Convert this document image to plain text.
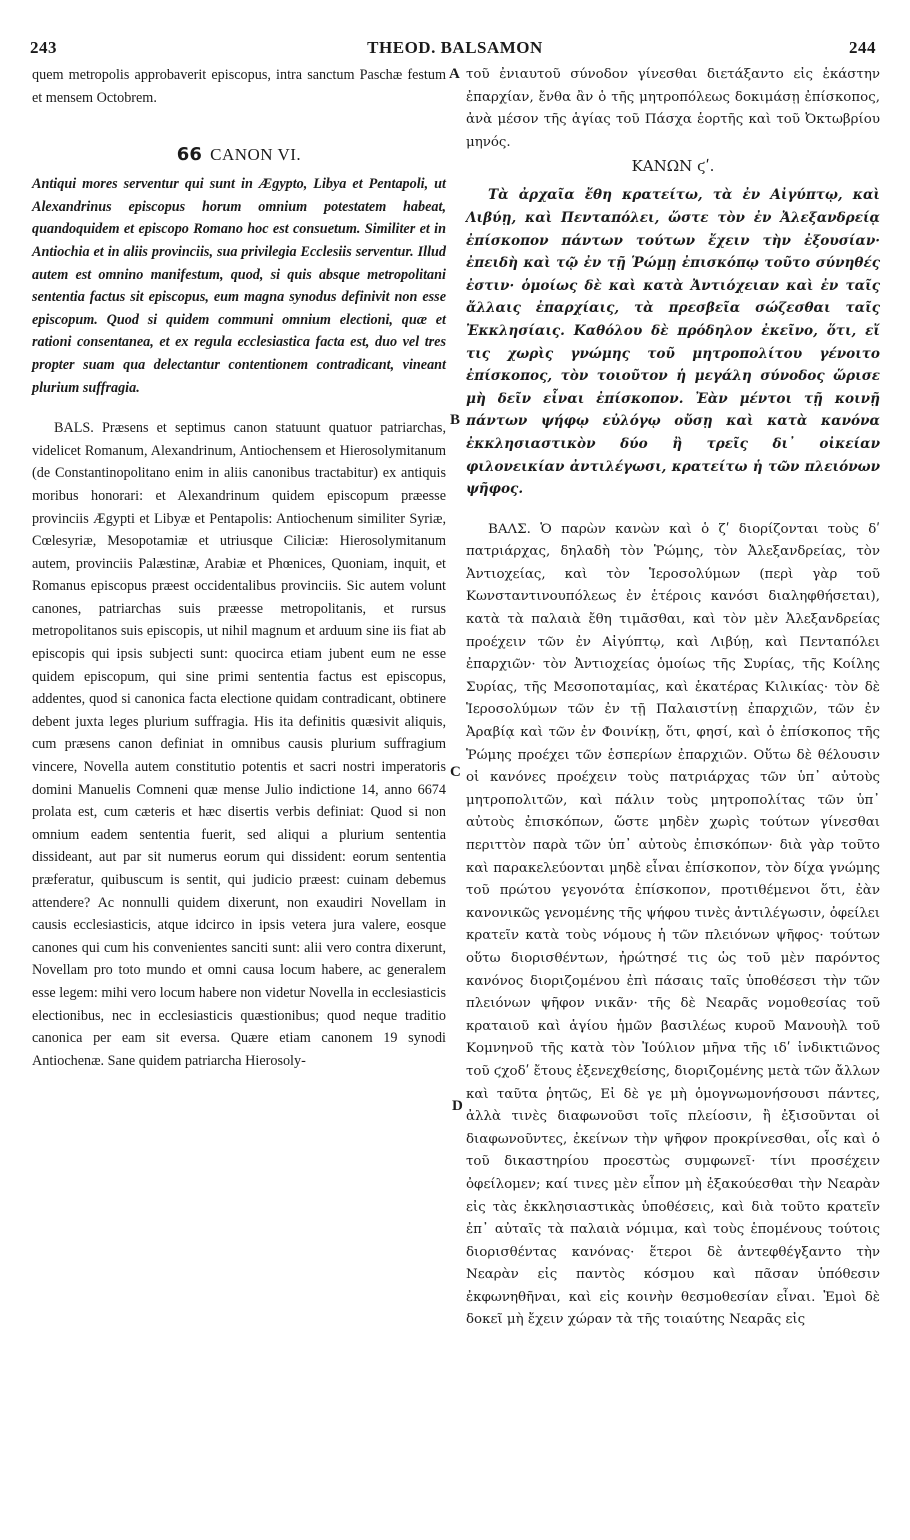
243	THEOD. BALSAMON	244
A
B
C
D

quem metropolis approbaverit episcopus, intra sanctum Paschæ festum et mensem Octobrem.

66 CANON VI.

Antiqui mores serventur qui sunt in Ægypto, Libya et Pentapoli, ut Alexandrinus episcopus horum omnium potestatem habeat, quandoquidem et episcopo Romano hoc est consuetum. Similiter et in Antiochia et in aliis provinciis, sua privilegia Ecclesiis serventur. Illud autem est omnino manifestum, quod, si quis absque metropolitani sententia factus sit episcopus, eum magna synodus definivit non esse episcopum. Quod si quidem communi omnium electioni, quæ et rationi consentanea, et ex regula ecclesiastica facta est, duo vel tres propter suam qua delectantur contentionem contradicant, vineant plurium suffragia.

BALS. Præsens et septimus canon statuunt quatuor patriarchas, videlicet Romanum, Alexandrinum, Antiochensem et Hierosolymitanum (de Constantinopolitano enim in aliis canonibus tractabitur) ex antiquis moribus honorari: et Alexandrinum quidem episcopum præesse provinciis Ægypti et Libyæ et Pentapolis: Antiochenum similiter Syriæ, Cœlesyriæ, Mesopotamiæ et utriusque Ciliciæ: Hierosolymitanum autem, provinciis Palæstinæ, Arabiæ et Phœnices, Quoniam, inquit, et Romanus episcopus præest occidentalibus provinciis. Sic autem volunt canones, patriarchas suis præesse metropolitanis, et rursus metropolitanos suis episcopis, ut nihil magnum et arduum sine iis fiat ab episcopis qui ipsis subjecti sunt: quocirca etiam jubent eum ne esse quidem episcopum, qui sine primi sententia factus est episcopus, addentes, quod si canonica facta electione quidam contradicant, obtinere debent juxta leges plurium suffragia. His ita definitis quæsivit aliquis, cum præsens canon definiat in omnibus causis plurium suffragium vincere, Novella autem constitutio potentis et sacri nostri imperatoris domini Manuelis Comneni quæ mense Julio indictione 14, anno 6674 prolata est, cum cæteris et hæc disertis verbis definiat: Quod si non omnium eadem sententia fuerit, sed aliqui a plurium sententia dissideant, aut par sit numerus eorum qui dissident: eorum sententia præferatur, quibuscum is sentit, qui judicio præest: cuinam debemus attendere? Ac nonnulli quidem dixerunt, non exaudiri Novellam in causis ecclesiasticis, atque idcirco in ipsis vetera jura valere, eosque canones qui cum his convenientes sanciti sunt: alii vero contra dixerunt, Novellam pro toto mundo et omni causa locum habere, ac generalem esse legem: mihi vero locum habere non videtur Novella in ecclesiasticis electionibus, nec in ecclesiasticis quæstionibus; quod neque traditio canonica per eam sit eversa. Quære etiam canonem 19 synodi Antiochenæ. Sane quidem patriarcha Hierosoly-

τοῦ ἐνιαυτοῦ σύνοδον γίνεσθαι διετάξαντο εἰς ἑκάστην ἐπαρχίαν, ἔνθα ἂν ὁ τῆς μητροπόλεως δοκιμάσῃ ἐπίσκοπος, ἀνὰ μέσον τῆς ἁγίας τοῦ Πάσχα ἑορτῆς καὶ τοῦ Ὀκτωβρίου μηνός.

ΚΑΝΩΝ ϛʹ.

Τὰ ἀρχαῖα ἔθη κρατείτω, τὰ ἐν Αἰγύπτῳ, καὶ Λιβύῃ, καὶ Πενταπόλει, ὥστε τὸν ἐν Ἀλεξανδρείᾳ ἐπίσκοπον πάντων τούτων ἔχειν τὴν ἐξουσίαν· ἐπειδὴ καὶ τῷ ἐν τῇ Ῥώμῃ ἐπισκόπῳ τοῦτο σύνηθές ἐστιν· ὁμοίως δὲ καὶ κατὰ Ἀντιόχειαν καὶ ἐν ταῖς ἄλλαις ἐπαρχίαις, τὰ πρεσβεῖα σώζεσθαι ταῖς Ἐκκλησίαις. Καθόλου δὲ πρόδηλον ἐκεῖνο, ὅτι, εἴ τις χωρὶς γνώμης τοῦ μητροπολίτου γένοιτο ἐπίσκοπος, τὸν τοιοῦτον ἡ μεγάλη σύνοδος ὥρισε μὴ δεῖν εἶναι ἐπίσκοπον. Ἐὰν μέντοι τῇ κοινῇ πάντων ψήφῳ εὐλόγῳ οὔσῃ καὶ κατὰ κανόνα ἐκκλησιαστικὸν δύο ἢ τρεῖς δι᾽ οἰκείαν φιλονεικίαν ἀντιλέγωσι, κρατείτω ἡ τῶν πλειόνων ψῆφος.

ΒΑΛΣ. Ὁ παρὼν κανὼν καὶ ὁ ζʹ διορίζονται τοὺς δʹ πατριάρχας, δηλαδὴ τὸν Ῥώμης, τὸν Ἀλεξανδρείας, τὸν Ἀντιοχείας, καὶ τὸν Ἱεροσολύμων (περὶ γὰρ τοῦ Κωνσταντινουπόλεως ἐν ἑτέροις κανόσι διαληφθήσεται), κατὰ τὰ παλαιὰ ἔθη τιμᾶσθαι, καὶ τὸν μὲν Ἀλεξανδρείας προέχειν τῶν ἐν Αἰγύπτῳ, καὶ Λιβύῃ, καὶ Πενταπόλει ἐπαρχιῶν· τὸν Ἀντιοχείας ὁμοίως τῆς Συρίας, τῆς Κοίλης Συρίας, τῆς Μεσοποταμίας, καὶ ἑκατέρας Κιλικίας· τὸν δὲ Ἱεροσολύμων τῶν ἐν τῇ Παλαιστίνῃ ἐπαρχιῶν, τῶν ἐν Ἀραβίᾳ καὶ τῶν ἐν Φοινίκῃ, ὅτι, φησί, καὶ ὁ ἐπίσκοπος τῆς Ῥώμης προέχει τῶν ἑσπερίων ἐπαρχιῶν. Οὕτω δὲ θέλουσιν οἱ κανόνες προέχειν τοὺς πατριάρχας τῶν ὑπ᾽ αὐτοὺς μητροπολιτῶν, καὶ πάλιν τοὺς μητροπολίτας τῶν ὑπ᾽ αὐτοὺς ἐπισκόπων, ὥστε μηδὲν χωρὶς τούτων γίνεσθαι περιττὸν παρὰ τῶν ὑπ᾽ αὐτοὺς ἐπισκόπων· διὰ γὰρ τοῦτο καὶ παρακελεύονται μηδὲ εἶναι ἐπίσκοπον, τὸν δίχα γνώμης τοῦ πρώτου γεγονότα ἐπίσκοπον, προτιθέμενοι ὅτι, ἐὰν κανονικῶς γενομένης τῆς ψήφου τινὲς ἀντιλέγωσιν, ὀφείλει κρατεῖν κατὰ τοὺς νόμους ἡ τῶν πλειόνων ψῆφος· τούτων οὕτω διορισθέντων, ἠρώτησέ τις ὡς τοῦ μὲν παρόντος κανόνος διοριζομένου ἐπὶ πάσαις ταῖς ὑποθέσεσι τὴν τῶν πλειόνων ψῆφον νικᾶν· τῆς δὲ Νεαρᾶς νομοθεσίας τοῦ κραταιοῦ καὶ ἁγίου ἡμῶν βασιλέως κυροῦ Μανουὴλ τοῦ Κομνηνοῦ τῆς κατὰ τὸν Ἰούλιον μῆνα τῆς ιδʹ ἰνδικτιῶνος τοῦ ϛχοδʹ ἔτους ἐξενεχθείσης, διοριζομένης μετὰ τῶν ἄλλων καὶ ταῦτα ῥητῶς, Εἰ δὲ γε μὴ ὁμογνωμονήσουσι πάντες, ἀλλὰ τινὲς διαφωνοῦσι τοῖς πλείοσιν, ἢ ἐξισοῦνται οἱ διαφωνοῦντες, ἐκείνων τὴν ψῆφον προκρίνεσθαι, οἷς καὶ ὁ τοῦ δικαστηρίου προεστὼς συμφωνεῖ· τίνι προσέχειν ὀφείλομεν; καί τινες μὲν εἶπον μὴ ἐξακούεσθαι τὴν Νεαρὰν εἰς τὰς ἐκκλησιαστικὰς ὑποθέσεις, καὶ διὰ τοῦτο κρατεῖν ἐπ᾽ αὐταῖς τὰ παλαιὰ νόμιμα, καὶ τοὺς ἑπομένους τούτοις διορισθέντας κανόνας· ἕτεροι δὲ ἀντεφθέγξαντο τὴν Νεαρὰν εἰς παντὸς κόσμου καὶ πᾶσαν ὑπόθεσιν ἐκφωνηθῆναι, καὶ εἰς κοινὴν θεσμοθεσίαν εἶναι. Ἐμοὶ δὲ δοκεῖ μὴ ἔχειν χώραν τὰ τῆς τοιαύτης Νεαρᾶς εἰς
